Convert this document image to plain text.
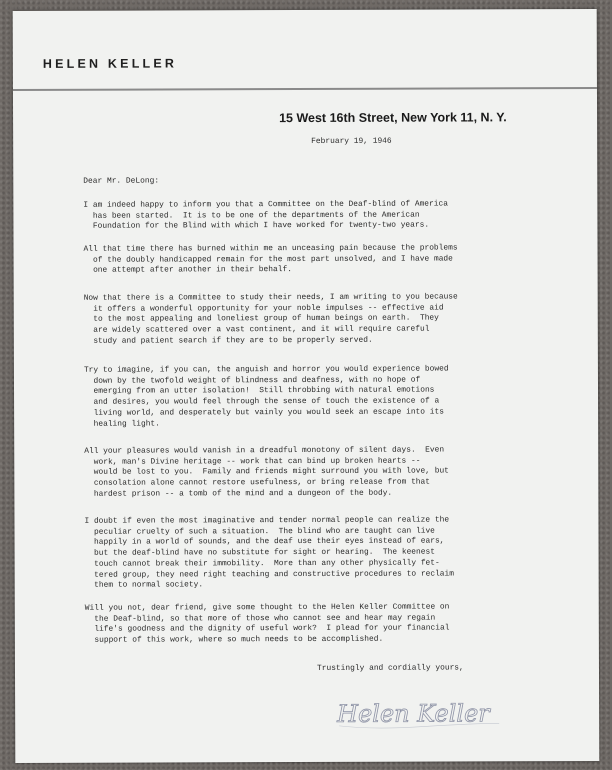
HELEN KELLER
15 West 16th Street, New York 11, N. Y.
February 19, 1946
Dear Mr. DeLong:
I am indeed happy to inform you that a Committee on the Deaf-blind of America
has been started.  It is to be one of the departments of the American
Foundation for the Blind with which I have worked for twenty-two years.
All that time there has burned within me an unceasing pain because the problems
of the doubly handicapped remain for the most part unsolved, and I have made
one attempt after another in their behalf.
Now that there is a Committee to study their needs, I am writing to you because
it offers a wonderful opportunity for your noble impulses -- effective aid
to the most appealing and loneliest group of human beings on earth.  They
are widely scattered over a vast continent, and it will require careful
study and patient search if they are to be properly served.
Try to imagine, if you can, the anguish and horror you would experience bowed
down by the twofold weight of blindness and deafness, with no hope of
emerging from an utter isolation!  Still throbbing with natural emotions
and desires, you would feel through the sense of touch the existence of a
living world, and desperately but vainly you would seek an escape into its
healing light.
All your pleasures would vanish in a dreadful monotony of silent days.  Even
work, man's Divine heritage -- work that can bind up broken hearts --
would be lost to you.  Family and friends might surround you with love, but
consolation alone cannot restore usefulness, or bring release from that
hardest prison -- a tomb of the mind and a dungeon of the body.
I doubt if even the most imaginative and tender normal people can realize the
peculiar cruelty of such a situation.  The blind who are taught can live
happily in a world of sounds, and the deaf use their eyes instead of ears,
but the deaf-blind have no substitute for sight or hearing.  The keenest
touch cannot break their immobility.  More than any other physically fet-
tered group, they need right teaching and constructive procedures to reclaim
them to normal society.
Will you not, dear friend, give some thought to the Helen Keller Committee on
the Deaf-blind, so that more of those who cannot see and hear may regain
life's goodness and the dignity of useful work?  I plead for your financial
support of this work, where so much needs to be accomplished.
Trustingly and cordially yours,
Helen Keller
